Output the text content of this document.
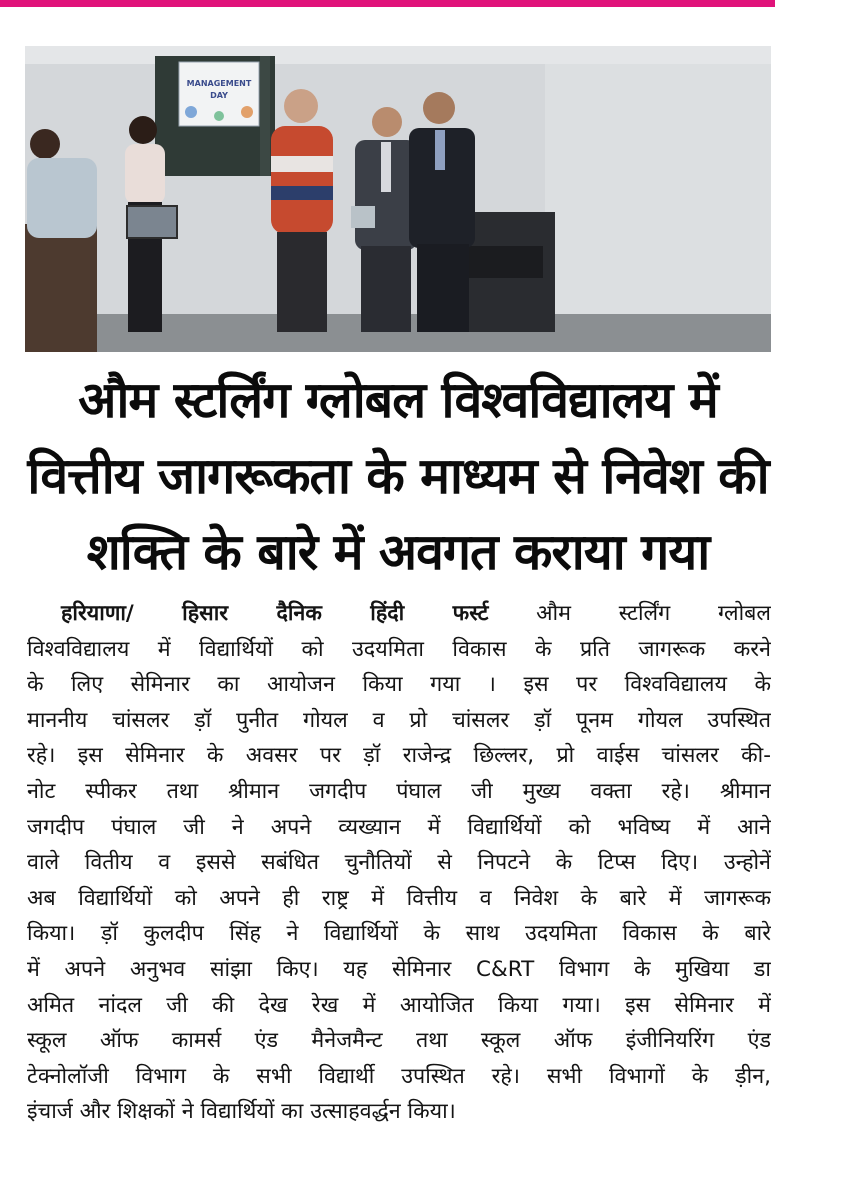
MANAGEMENT
DAY
औम स्टर्लिंग ग्लोबल विश्वविद्यालय में
वित्तीय जागरूकता के माध्यम से निवेश की
शक्ति के बारे में अवगत कराया गया
हरियाणा/ हिसार दैनिक हिंदी फर्स्ट औम स्टर्लिंग ग्लोबल
विश्वविद्यालय में विद्यार्थियों को उदयमिता विकास के प्रति जागरूक करने
के लिए सेमिनार का आयोजन किया गया । इस पर विश्वविद्यालय के
माननीय चांसलर ड़ॉ पुनीत गोयल व प्रो चांसलर ड़ॉ पूनम गोयल उपस्थित
रहे। इस सेमिनार के अवसर पर ड़ॉ राजेन्द्र छिल्लर, प्रो वाईस चांसलर की-
नोट स्पीकर तथा श्रीमान जगदीप पंघाल जी मुख्य वक्ता रहे। श्रीमान
जगदीप पंघाल जी ने अपने व्यख्यान में विद्यार्थियों को भविष्य में आने
वाले वितीय व इससे सबंधित चुनौतियों से निपटने के टिप्स दिए। उन्होनें
अब विद्यार्थियों को अपने ही राष्ट्र में वित्तीय व निवेश के बारे में जागरूक
किया। ड़ॉ कुलदीप सिंह ने विद्यार्थियों के साथ उदयमिता विकास के बारे
में अपने अनुभव सांझा किए। यह सेमिनार C&RT विभाग के मुखिया डा
अमित नांदल जी की देख रेख में आयोजित किया गया। इस सेमिनार में
स्कूल ऑफ कामर्स एंड मैनेजमैन्ट तथा स्कूल ऑफ इंजीनियरिंग एंड
टेक्नोलॉजी विभाग के सभी विद्यार्थी उपस्थित रहे। सभी विभागों के ड़ीन,
इंचार्ज और शिक्षकों ने विद्यार्थियों का उत्साहवर्द्धन किया।
